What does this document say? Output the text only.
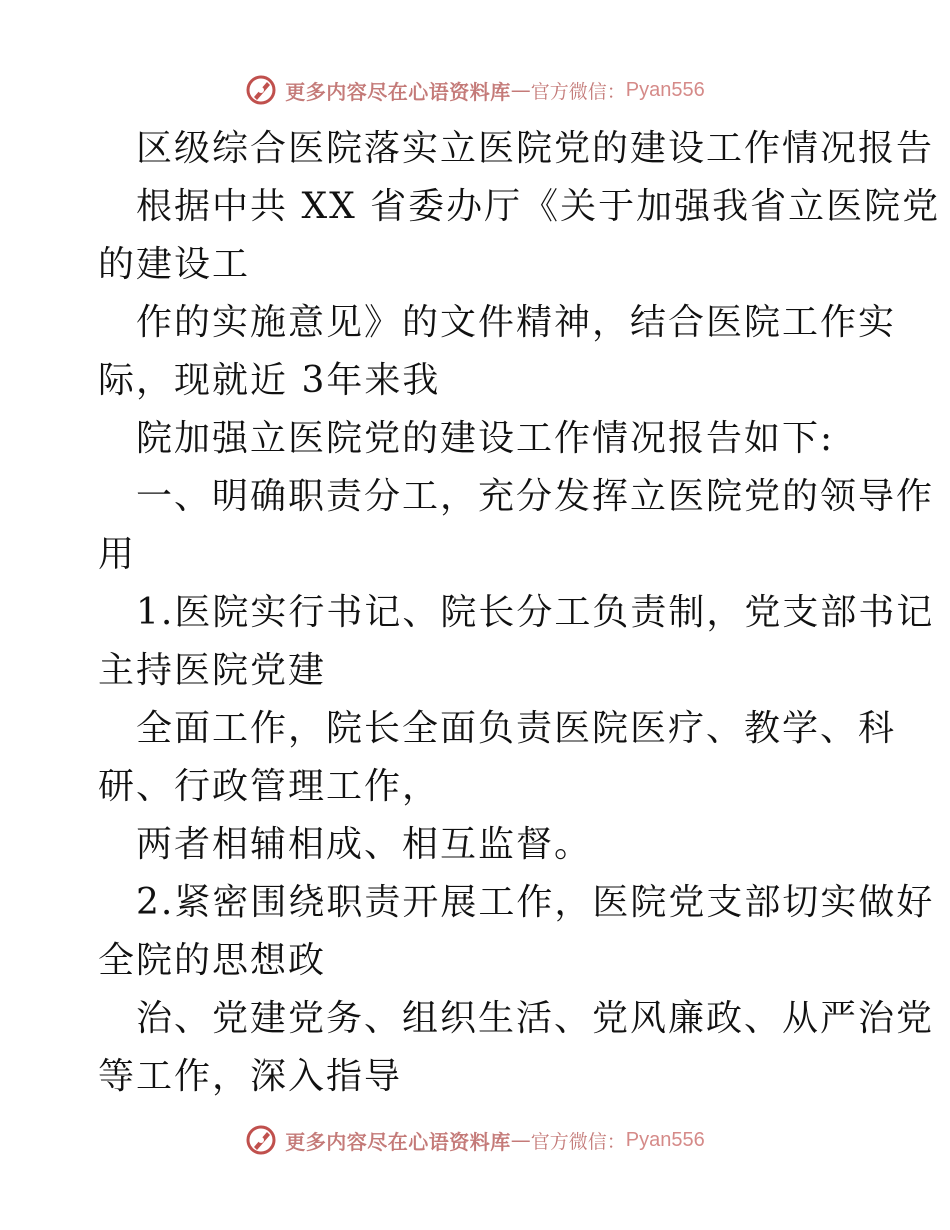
更多内容尽在心语资料库 — 官方微信： Pyan556
区级综合医院落实立医院党的建设工作情况报告
根据中共 XX 省委办厅《关于加强我省立医院党
的建设工
作的实施意见》的文件精神，结合医院工作实
际，现就近 3年来我
院加强立医院党的建设工作情况报告如下:
一、明确职责分工，充分发挥立医院党的领导作
用
1.医院实行书记、院长分工负责制，党支部书记
主持医院党建
全面工作，院长全面负责医院医疗、教学、科
研、行政管理工作，
两者相辅相成、相互监督。
2.紧密围绕职责开展工作，医院党支部切实做好
全院的思想政
治、党建党务、组织生活、党风廉政、从严治党
等工作，深入指导
更多内容尽在心语资料库 — 官方微信： Pyan556
